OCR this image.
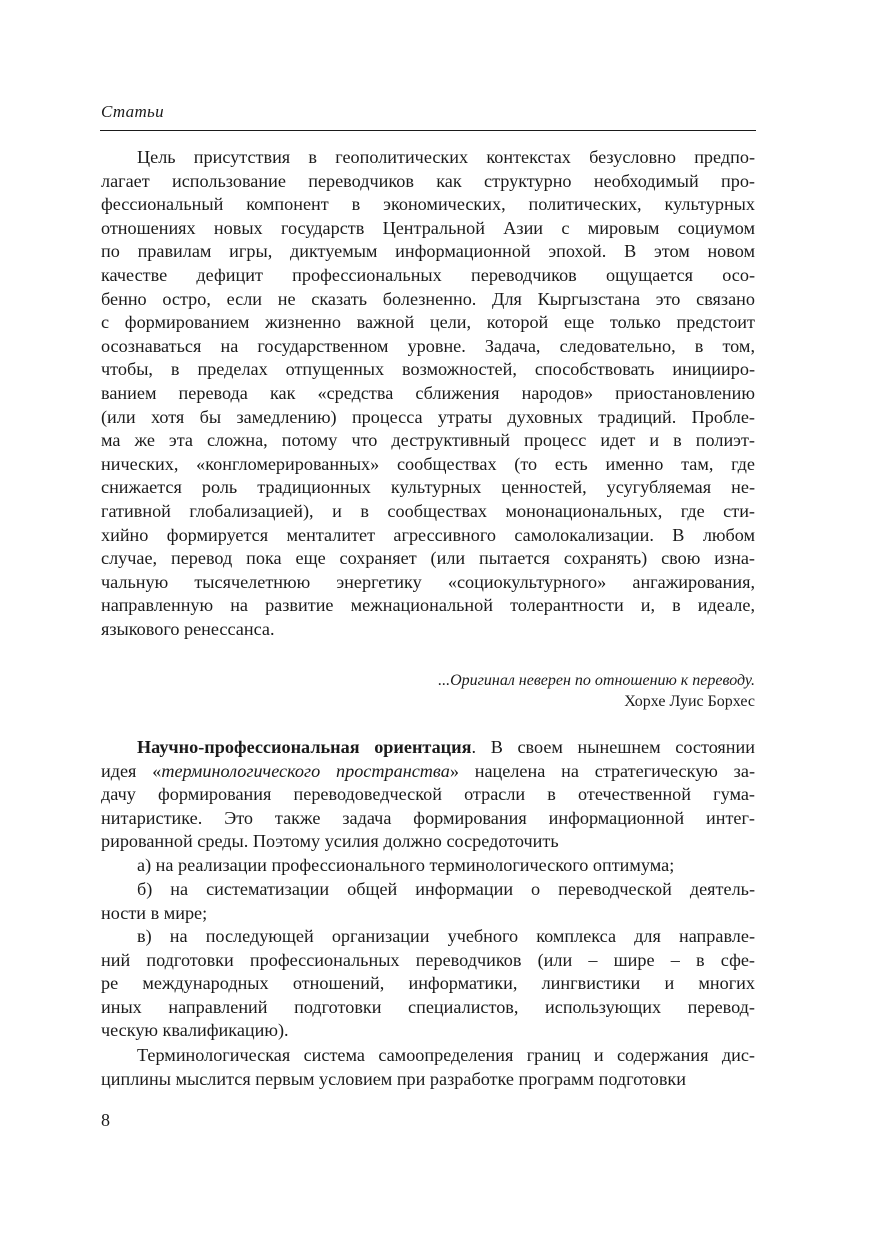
Статьи
Цель присутствия в геополитических контекстах безусловно предпо-
лагает использование переводчиков как структурно необходимый про-
фессиональный компонент в экономических, политических, культурных
отношениях новых государств Центральной Азии с мировым социумом
по правилам игры, диктуемым информационной эпохой. В этом новом
качестве дефицит профессиональных переводчиков ощущается осо-
бенно остро, если не сказать болезненно. Для Кыргызстана это связано
с формированием жизненно важной цели, которой еще только предстоит
осознаваться на государственном уровне. Задача, следовательно, в том,
чтобы, в пределах отпущенных возможностей, способствовать иницииро-
ванием перевода как «средства сближения народов» приостановлению
(или хотя бы замедлению) процесса утраты духовных традиций. Пробле-
ма же эта сложна, потому что деструктивный процесс идет и в полиэт-
нических, «конгломерированных» сообществах (то есть именно там, где
снижается роль традиционных культурных ценностей, усугубляемая не-
гативной глобализацией), и в сообществах мононациональных, где сти-
хийно формируется менталитет агрессивного самолокализации. В любом
случае, перевод пока еще сохраняет (или пытается сохранять) свою изна-
чальную тысячелетнюю энергетику «социокультурного» ангажирования,
направленную на развитие межнациональной толерантности и, в идеале,
языкового ренессанса.
...Оригинал неверен по отношению к переводу.
Хорхе Луис Борхес
Научно-профессиональная ориентация. В своем нынешнем состоянии
идея «терминологического пространства» нацелена на стратегическую за-
дачу формирования переводоведческой отрасли в отечественной гума-
нитаристике. Это также задача формирования информационной интег-
рированной среды. Поэтому усилия должно сосредоточить
а) на реализации профессионального терминологического оптимума;
б) на систематизации общей информации о переводческой деятель-
ности в мире;
в) на последующей организации учебного комплекса для направле-
ний подготовки профессиональных переводчиков (или – шире – в сфе-
ре международных отношений, информатики, лингвистики и многих
иных направлений подготовки специалистов, использующих перевод-
ческую квалификацию).
Терминологическая система самоопределения границ и содержания дис-
циплины мыслится первым условием при разработке программ подготовки
8
